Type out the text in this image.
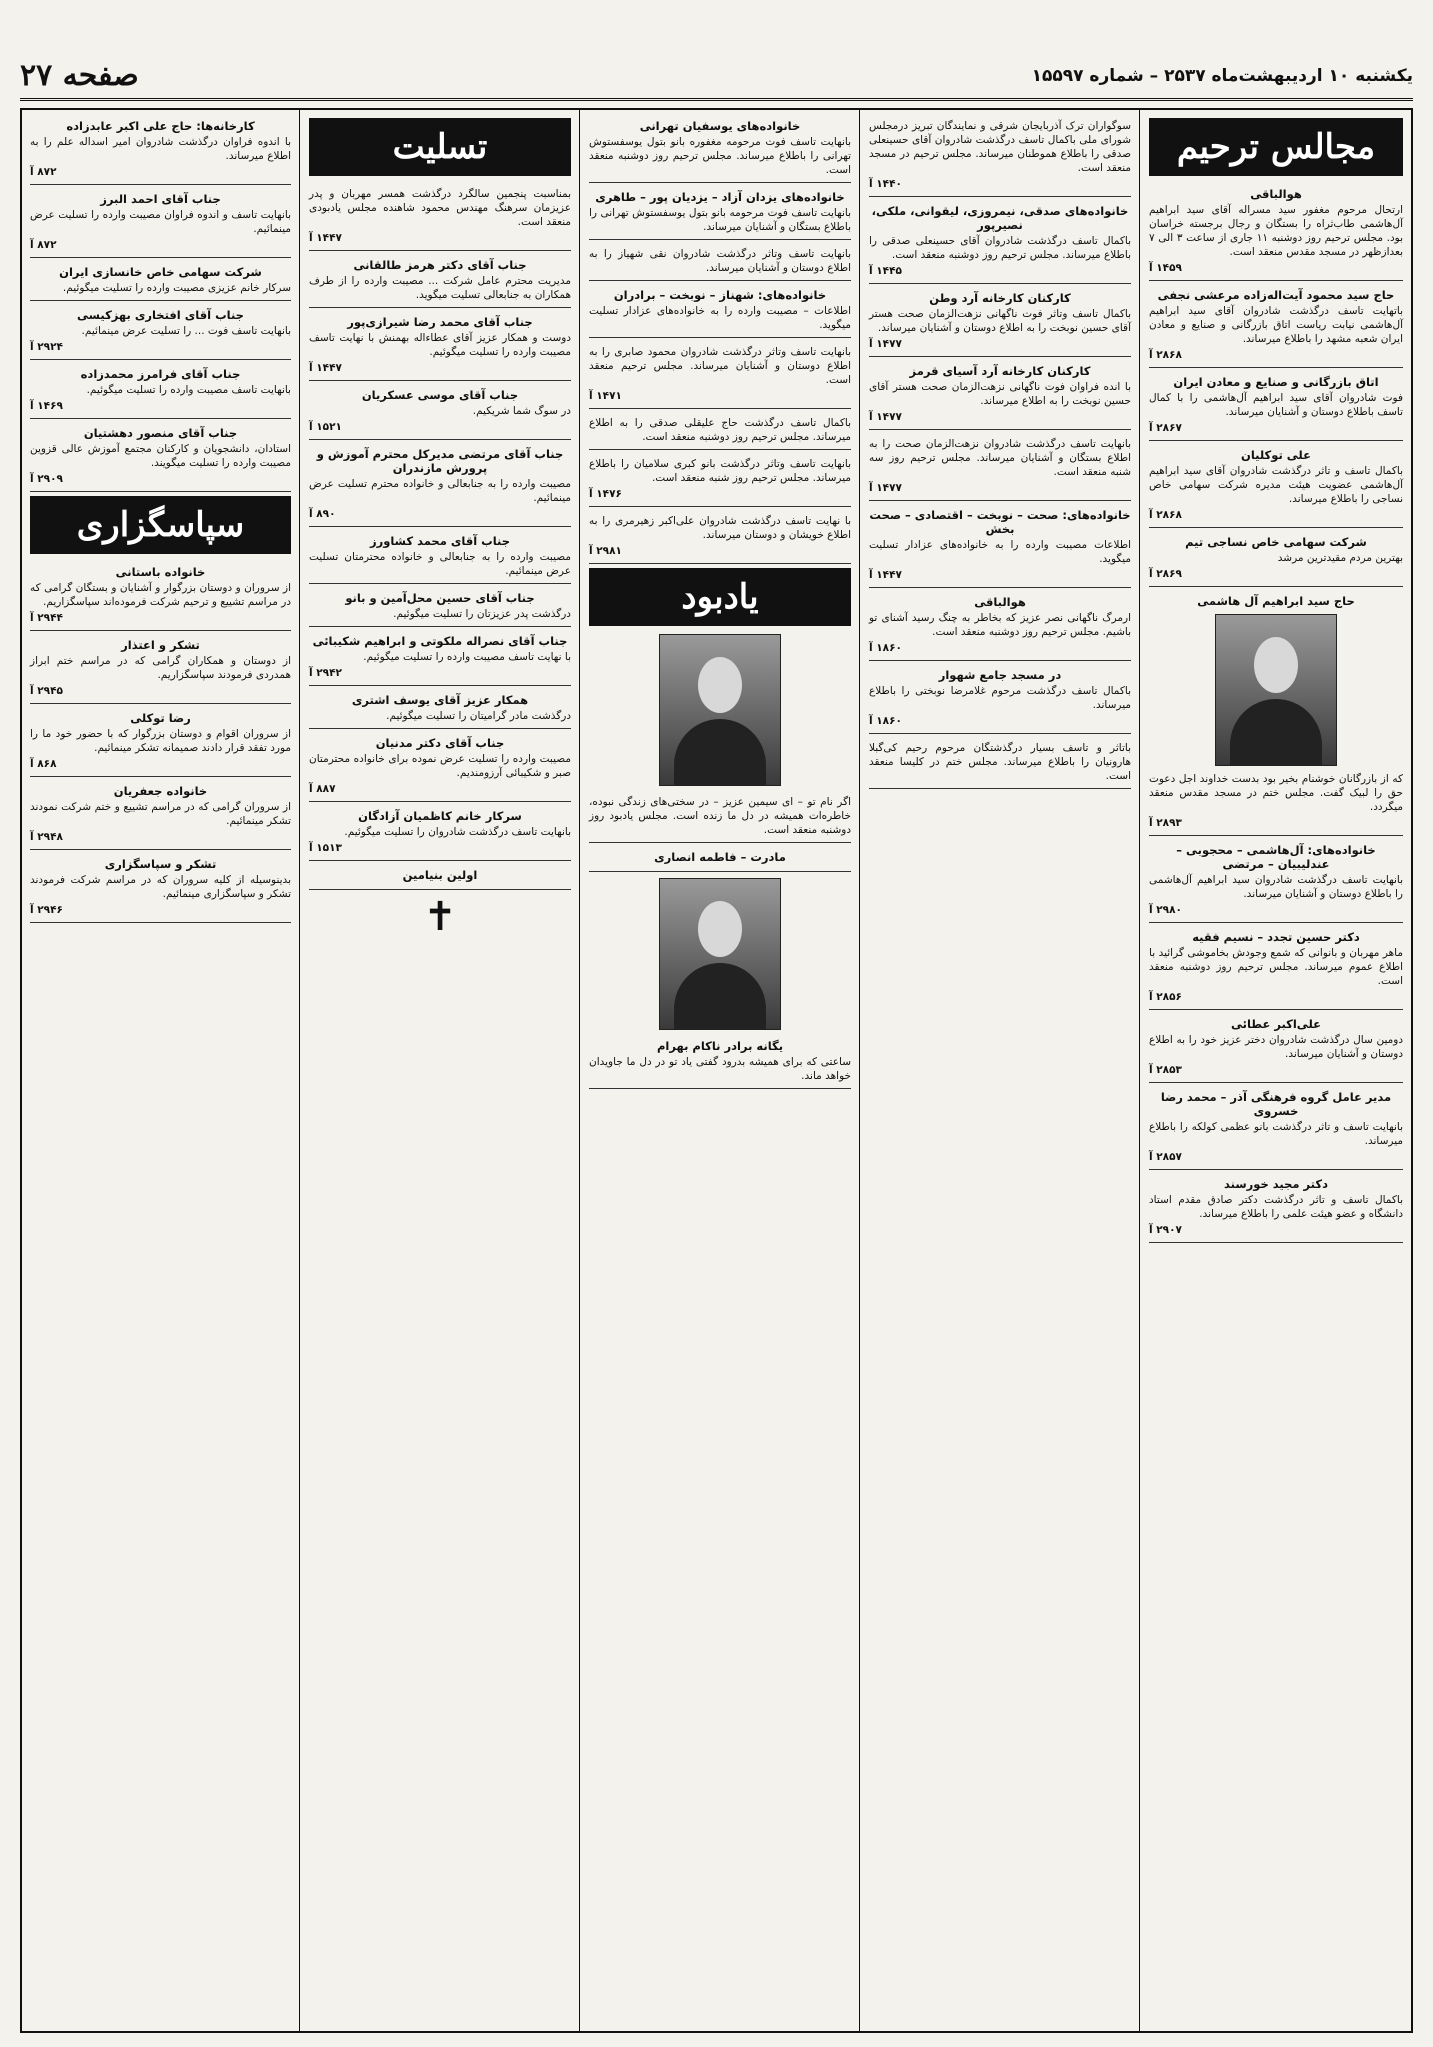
یکشنبه ۱۰ اردیبهشت‌ماه ۲۵۳۷ – شماره ۱۵۵۹۷
صفحه ۲۷
مجالس ترحیم
هوالباقی

ارتحال مرحوم مغفور سید مسراله آقای سید ابراهیم آل‌هاشمی طاب‌ثراه را بستگان و رجال برجسته خراسان بود. مجلس ترحیم روز دوشنبه ۱۱ جاری از ساعت ۳ الی ۷ بعدازظهر در مسجد مقدس منعقد است.

۱۴۵۹ آ
حاج سید محمود آیت‌اله‌زاده مرعشی نجفی

باتهایت تاسف درگذشت شادروان آقای سید ابراهیم آل‌هاشمی نیابت ریاست اتاق بازرگانی و صنایع و معادن ایران شعبه مشهد را باطلاع میرساند.

۲۸۶۸ آ
اتاق بازرگانی و صنایع و معادن ایران

فوت شادروان آقای سید ابراهیم آل‌هاشمی را با کمال تاسف باطلاع دوستان و آشنایان میرساند.

۲۸۶۷ آ
علی توکلیان

باکمال تاسف و تاثر درگذشت شادروان آقای سید ابراهیم آل‌هاشمی عضویت هیئت مدیره شرکت سهامی خاص نساجی را باطلاع میرساند.

۲۸۶۸ آ
شرکت سهامی خاص نساجی تیم

بهترین مردم مقیدترین مرشد

۲۸۶۹ آ
حاج سید ابراهیم آل هاشمی

که از بازرگانان خوشنام بخیر بود بدست خداوند اجل دعوت حق را لبیک گفت. مجلس ختم در مسجد مقدس منعقد میگردد.

۲۸۹۳ آ
خانواده‌های: آل‌هاشمی – محجوبی – عندلیبیان – مرتضی

بانهایت تاسف درگذشت شادروان سید ابراهیم آل‌هاشمی را باطلاع دوستان و آشنایان میرساند.

۲۹۸۰ آ
دکتر حسین تجدد – نسیم فقیه

ماهر مهربان و بانوانی که شمع وجودش بخاموشی گرائید با اطلاع عموم میرساند. مجلس ترحیم روز دوشنبه منعقد است.

۲۸۵۶ آ
علی‌اکبر عطائی

دومین سال درگذشت شادروان دختر عزیز خود را به اطلاع دوستان و آشنایان میرساند.

۲۸۵۳ آ
مدیر عامل گروه فرهنگی آذر – محمد رضا خسروی

بانهایت تاسف و تاثر درگذشت بانو عظمی کولکه را باطلاع میرساند.

۲۸۵۷ آ
دکتر مجید خورسند

باکمال تاسف و تاثر درگذشت دکتر صادق مقدم استاد دانشگاه و عضو هیئت علمی را باطلاع میرساند.

۲۹۰۷ آ

سوگواران ترک آذربایجان شرقی و نمایندگان تبریز درمجلس شورای ملی باکمال تاسف درگذشت شادروان آقای حسینعلی صدقی را باطلاع هموطنان میرساند. مجلس ترحیم در مسجد منعقد است.

۱۴۴۰ آ
خانواده‌های صدقی، نیمروزی، لیقوانی، ملکی، نصیرپور

باکمال تاسف درگذشت شادروان آقای حسینعلی صدقی را باطلاع میرساند. مجلس ترحیم روز دوشنبه منعقد است.

۱۴۴۵ آ
کارکنان کارخانه آرد وطن

باکمال تاسف وتاثر فوت ناگهانی نزهت‌الزمان صحت هستر آقای حسین نوبخت را به اطلاع دوستان و آشنایان میرساند.

۱۴۷۷ آ
کارکنان کارخانه آرد آسیای قرمز

با انده فراوان فوت ناگهانی نزهت‌الزمان صحت هستر آقای حسین نوبخت را به اطلاع میرساند.

۱۴۷۷ آ

بانهایت تاسف درگذشت شادروان نزهت‌الزمان صحت را به اطلاع بستگان و آشنایان میرساند. مجلس ترحیم روز سه شنبه منعقد است.

۱۴۷۷ آ
خانواده‌های: صحت – نوبخت – اقتصادی – صحت بخش

اطلاعات مصیبت وارده را به خانواده‌های عزادار تسلیت میگوید.

۱۴۴۷ آ
هوالباقی

ارمرگ ناگهانی نصر عزیز که بخاطر به چنگ رسید آشنای تو باشیم. مجلس ترحیم روز دوشنبه منعقد است.

۱۸۶۰ آ
در مسجد جامع شهوار

باکمال تاسف درگذشت مرحوم غلامرضا نوبختی را باطلاع میرساند.

۱۸۶۰ آ

باتاثر و تاسف بسیار درگذشتگان مرحوم رحیم کی‌گبلا هارونیان را باطلاع میرساند. مجلس ختم در کلیسا منعقد است.

خانواده‌های یوسفیان تهرانی

بانهایت تاسف فوت مرحومه مغفوره بانو بتول یوسفستوش تهرانی را باطلاع میرساند. مجلس ترحیم روز دوشنبه منعقد است.

خانواده‌های یزدان آزاد – یزدیان پور – طاهری

بانهایت تاسف فوت مرحومه بانو بتول یوسفستوش تهرانی را باطلاع بستگان و آشنایان میرساند.

بانهایت تاسف وتاثر درگذشت شادروان نقی شهیاز را به اطلاع دوستان و آشنایان میرساند.

خانواده‌های: شهناز – نوبخت – برادران

اطلاعات – مصیبت وارده را به خانواده‌های عزادار تسلیت میگوید.

بانهایت تاسف وتاثر درگذشت شادروان محمود صابری را به اطلاع دوستان و آشنایان میرساند. مجلس ترحیم منعقد است.

۱۴۷۱ آ

باکمال تاسف درگذشت حاج علیقلی صدقی را به اطلاع میرساند. مجلس ترحیم روز دوشنبه منعقد است.

بانهایت تاسف وتاثر درگذشت بانو کبری سلامیان را باطلاع میرساند. مجلس ترحیم روز شنبه منعقد است.

۱۴۷۶ آ

با نهایت تاسف درگذشت شادروان علی‌اکبر زهیرمری را به اطلاع خویشان و دوستان میرساند.

۲۹۸۱ آ
یادبود

اگر نام تو – ای سیمین عزیز – در سختی‌های زندگی نبوده، خاطره‌ات همیشه در دل ما زنده است. مجلس یادبود روز دوشنبه منعقد است.

مادرت – فاطمه انصاری
یگانه برادر ناکام بهرام

ساعتی که برای همیشه بدرود گفتی یاد تو در دل ما جاویدان خواهد ماند.

تسلیت

بمناسبت پنجمین سالگرد درگذشت همسر مهربان و پدر عزیزمان سرهنگ مهندس محمود شاهنده مجلس یادبودی منعقد است.

۱۴۴۷ آ
جناب آقای دکتر هرمز طالقانی

مدیریت محترم عامل شرکت ... مصیبت وارده را از طرف همکاران به جنابعالی تسلیت میگوید.

جناب آقای محمد رضا شیرازی‌پور

دوست و همکار عزیز آقای عطاءاله بهمنش با نهایت تاسف مصیبت وارده را تسلیت میگوئیم.

۱۴۴۷ آ
جناب آقای موسی عسکریان

در سوگ شما شریکیم.

۱۵۲۱ آ
جناب آقای مرتضی مدیرکل محترم آموزش و پرورش مازندران

مصیبت وارده را به جنابعالی و خانواده محترم تسلیت عرض مینمائیم.

۸۹۰ آ
جناب آقای محمد کشاورز

مصیبت وارده را به جنابعالی و خانواده محترمتان تسلیت عرض مینمائیم.

جناب آقای حسین محل‌آمین و بانو

درگذشت پدر عزیزتان را تسلیت میگوئیم.

جناب آقای نصراله ملکوتی و ابراهیم شکیبائی

با نهایت تاسف مصیبت وارده را تسلیت میگوئیم.

۲۹۴۲ آ
همکار عزیز آقای یوسف اشتری

درگذشت مادر گرامیتان را تسلیت میگوئیم.

جناب آقای دکتر مدنیان

مصیبت وارده را تسلیت عرض نموده برای خانواده محترمتان صبر و شکیبائی آرزومندیم.

۸۸۷ آ
سرکار خانم کاظمیان آزادگان

بانهایت تاسف درگذشت شادروان را تسلیت میگوئیم.

۱۵۱۳ آ
اولین بنیامین
✝
کارخانه‌ها: حاج علی اکبر عابدزاده

با اندوه فراوان درگذشت شادروان امیر اسداله علم را به اطلاع میرساند.

۸۷۲ آ
جناب آقای احمد البرز

بانهایت تاسف و اندوه فراوان مصیبت وارده را تسلیت عرض مینمائیم.

۸۷۲ آ
شرکت سهامی خاص خانسازی ایران

سرکار خانم عزیزی مصیبت وارده را تسلیت میگوئیم.

جناب آقای افتخاری بهزکیسی

بانهایت تاسف فوت ... را تسلیت عرض مینمائیم.

۲۹۲۴ آ
جناب آقای فرامرز محمدزاده

بانهایت تاسف مصیبت وارده را تسلیت میگوئیم.

۱۴۶۹ آ
جناب آقای منصور دهشتیان

استادان، دانشجویان و کارکنان مجتمع آموزش عالی قزوین مصیبت وارده را تسلیت میگویند.

۲۹۰۹ آ
سپاسگزاری
خانواده باستانی

از سروران و دوستان بزرگوار و آشنایان و بستگان گرامی که در مراسم تشییع و ترحیم شرکت فرموده‌اند سپاسگزاریم.

۲۹۴۴ آ
تشکر و اعتذار

از دوستان و همکاران گرامی که در مراسم ختم ابراز همدردی فرمودند سپاسگزاریم.

۲۹۴۵ آ
رضا توکلی

از سروران اقوام و دوستان بزرگوار که با حضور خود ما را مورد تفقد قرار دادند صمیمانه تشکر مینمائیم.

۸۶۸ آ
خانواده جعفریان

از سروران گرامی که در مراسم تشییع و ختم شرکت نمودند تشکر مینمائیم.

۲۹۴۸ آ
تشکر و سپاسگزاری

بدینوسیله از کلیه سروران که در مراسم شرکت فرمودند تشکر و سپاسگزاری مینمائیم.

۲۹۴۶ آ
